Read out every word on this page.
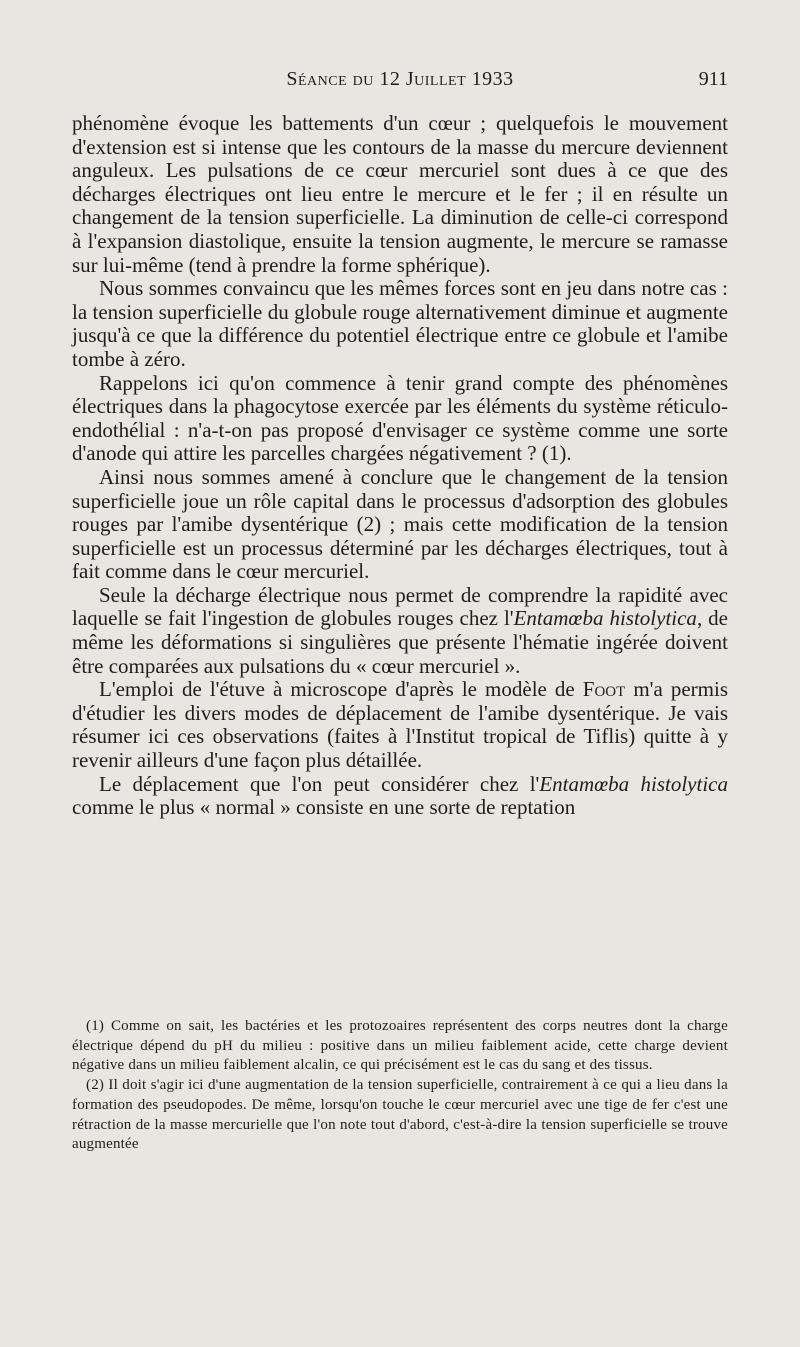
Séance du 12 Juillet 1933	911

phénomène évoque les battements d'un cœur ; quelquefois le mouvement d'extension est si intense que les contours de la masse du mercure deviennent anguleux. Les pulsations de ce cœur mercuriel sont dues à ce que des décharges électriques ont lieu entre le mercure et le fer ; il en résulte un changement de la tension superficielle. La diminution de celle-ci correspond à l'expansion diastolique, ensuite la tension augmente, le mercure se ramasse sur lui-même (tend à prendre la forme sphérique).

Nous sommes convaincu que les mêmes forces sont en jeu dans notre cas : la tension superficielle du globule rouge alternativement diminue et augmente jusqu'à ce que la différence du potentiel électrique entre ce globule et l'amibe tombe à zéro.

Rappelons ici qu'on commence à tenir grand compte des phénomènes électriques dans la phagocytose exercée par les éléments du système réticulo-endothélial : n'a-t-on pas proposé d'envisager ce système comme une sorte d'anode qui attire les parcelles chargées négativement ? (1).

Ainsi nous sommes amené à conclure que le changement de la tension superficielle joue un rôle capital dans le processus d'adsorption des globules rouges par l'amibe dysentérique (2) ; mais cette modification de la tension superficielle est un processus déterminé par les décharges électriques, tout à fait comme dans le cœur mercuriel.

Seule la décharge électrique nous permet de comprendre la rapidité avec laquelle se fait l'ingestion de globules rouges chez l'Entamœba histolytica, de même les déformations si singulières que présente l'hématie ingérée doivent être comparées aux pulsations du « cœur mercuriel ».

L'emploi de l'étuve à microscope d'après le modèle de Foot m'a permis d'étudier les divers modes de déplacement de l'amibe dysentérique. Je vais résumer ici ces observations (faites à l'Institut tropical de Tiflis) quitte à y revenir ailleurs d'une façon plus détaillée.

Le déplacement que l'on peut considérer chez l'Entamœba histolytica comme le plus « normal » consiste en une sorte de reptation

(1) Comme on sait, les bactéries et les protozoaires représentent des corps neutres dont la charge électrique dépend du pH du milieu : positive dans un milieu faiblement acide, cette charge devient négative dans un milieu faiblement alcalin, ce qui précisément est le cas du sang et des tissus.

(2) Il doit s'agir ici d'une augmentation de la tension superficielle, contrairement à ce qui a lieu dans la formation des pseudopodes. De même, lorsqu'on touche le cœur mercuriel avec une tige de fer c'est une rétraction de la masse mercurielle que l'on note tout d'abord, c'est-à-dire la tension superficielle se trouve augmentée
